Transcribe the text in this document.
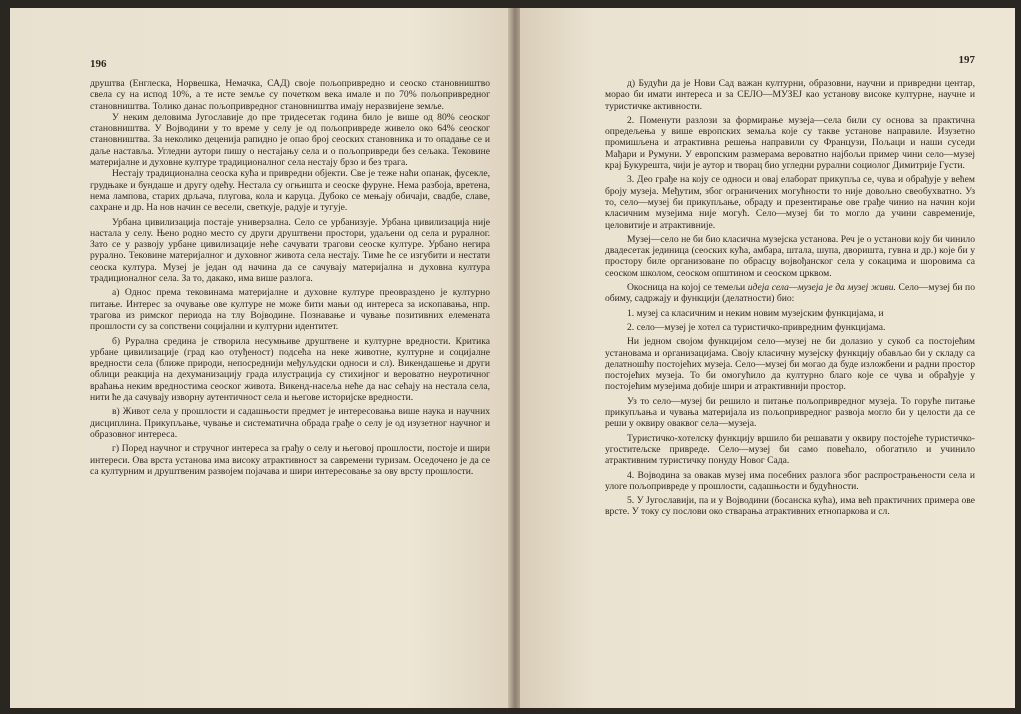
196

друштва (Енглеска, Норвешка, Немачка, САД) своје пољопривредно и сеоско становништво свела су на испод 10%, а те исте земље су почетком века имале и по 70% пољопривредног становништва. Толико данас пољопривредног становништва имају неразвијене земље.

У неким деловима Југославије до пре тридесетак година било је више од 80% сеоског становништва. У Војводини у то време у селу је од пољопривреде живело око 64% сеоског становништва. За неколико деценија рапидно је опао број сеоских становника и то опадање се и даље наставља. Угледни аутори пишу о нестајању села и о пољопривреди без сељака. Тековине материјалне и духовне културе традиционалног села нестају брзо и без трага.

Нестају традиционална сеоска кућа и привредни објекти. Све је теже наћи опанак, фусекле, грудњаке и бундаше и другу одећу. Нестала су огњишта и сеоске фуруне. Нема разбоја, вретена, нема лампова, старих дрљача, плугова, кола и каруца. Дубоко се мењају обичаји, свадбе, славе, сахране и др. На нов начин се весели, светкује, радује и тугује.

Урбана цивилизација постаје универзална. Село се урбанизује. Урбана цивилизација није настала у селу. Њено родно место су други друштвени простори, удаљени од села и руралног. Зато се у развоју урбане цивилизације неће сачувати трагови сеоске културе. Урбано негира рурално. Тековине материјалног и духовног живота села нестају. Тиме ће се изгубити и нестати сеоска култура. Музеј је један од начина да се сачувају материјална и духовна култура традиционалног села. За то, дакако, има више разлога.

а) Однос према тековинама материјалне и духовне културе преовраздено је културно питање. Интерес за очување ове културе не може бити мањи од интереса за ископавања, нпр. трагова из римског периода на тлу Војводине. Познавање и чување позитивних елемената прошлости су за сопствени социјални и културни идентитет.

б) Рурална средина је створила несумњиве друштвене и културне вредности. Критика урбане цивилизације (град као отуђеност) подсећа на неке животне, културне и социјалне вредности села (ближе природи, непосреднији међуљудски односи и сл). Викендашење и други облици реакција на дехуманизацију града илустрација су стихијног и вероватно неуротичног враћања неким вредностима сеоског живота. Викенд-насеља неће да нас сећају на нестала села, нити ће да сачувају изворну аутентичност села и његове историјске вредности.

в) Живот села у прошлости и садашњости предмет је интересовања више наука и научних дисциплина. Прикупљање, чување и систематична обрада грађе о селу је од изузетног научног и образовног интереса.

г) Поред научног и стручног интереса за грађу о селу и његовој прошлости, постоје и шири интереси. Ова врста установа има високу атрактивност за савремени туризам. Оседочено је да се са културним и друштвеним развојем појачава и шири интересовање за ову врсту прошлости.

197

д) Будући да је Нови Сад важан културни, образовни, научни и привредни центар, морао би имати интереса и за СЕЛО—МУЗЕЈ као установу високе културне, научне и туристичке активности.

2. Поменути разлози за формирање музеја—села били су основа за практична опредељења у више европских земаља које су такве установе направиле. Изузетно промишљена и атрактивна решења направили су Французи, Пољаци и наши суседи Мађари и Румуни. У европским размерама вероватно најбољи пример чини село—музеј крај Букурешта, чији је аутор и творац био угледни рурални социолог Димитрије Густи.

3. Део грађе на коју се односи и овај елаборат прикупља се, чува и обрађује у већем броју музеја. Међутим, због ограничених могућности то није довољно свеобухватно. Уз то, село—музеј би прикупљање, обраду и презентирање ове грађе чинио на начин који класичним музејима није могућ. Село—музеј би то могло да учини савременије, целовитије и атрактивније.

Музеј—село не би био класична музејска установа. Реч је о установи коју би чинило двадесетак јединица (сеоских кућа, амбара, штала, шупа, дворишта, гувна и др.) које би у простору биле организоване по обрасцу војвођанског села у сокацима и шоровима са сеоском школом, сеоском општином и сеоском црквом.

Окосница на којој се темељи идеја села—музеја је да музеј живи. Село—музеј би по обиму, садржају и функцији (делатности) био:

1. музеј са класичним и неким новим музејским функцијама, и

2. село—музеј је хотел са туристичко-привредним функцијама.

Ни једном својом функцијом село—музеј не би долазио у сукоб са постојећим установама и организацијама. Своју класичну музејску функцију обављао би у складу са делатношћу постојећих музеја. Село—музеј би могао да буде изложбени и радни простор постојећих музеја. То би омогућило да културно благо које се чува и обрађује у постојећим музејима добије шири и атрактивнији простор.

Уз то село—музеј би решило и питање пољопривредног музеја. То горуће питање прикупљања и чувања материјала из пољопривредног развоја могло би у целости да се реши у оквиру оваквог села—музеја.

Туристичко-хотелску функцију вршило би решавати у оквиру постојеће туристичко-угоститељске привреде. Село—музеј би само повећало, обогатило и учинило атрактивним туристичку понуду Новог Сада.

4. Војводина за овакав музеј има посебних разлога због распрострањености села и улоге пољопривреде у прошлости, садашњости и будућности.

5. У Југославији, па и у Војводини (босанска кућа), има већ практичних примера ове врсте. У току су послови око стварања атрактивних етнопаркова и сл.
